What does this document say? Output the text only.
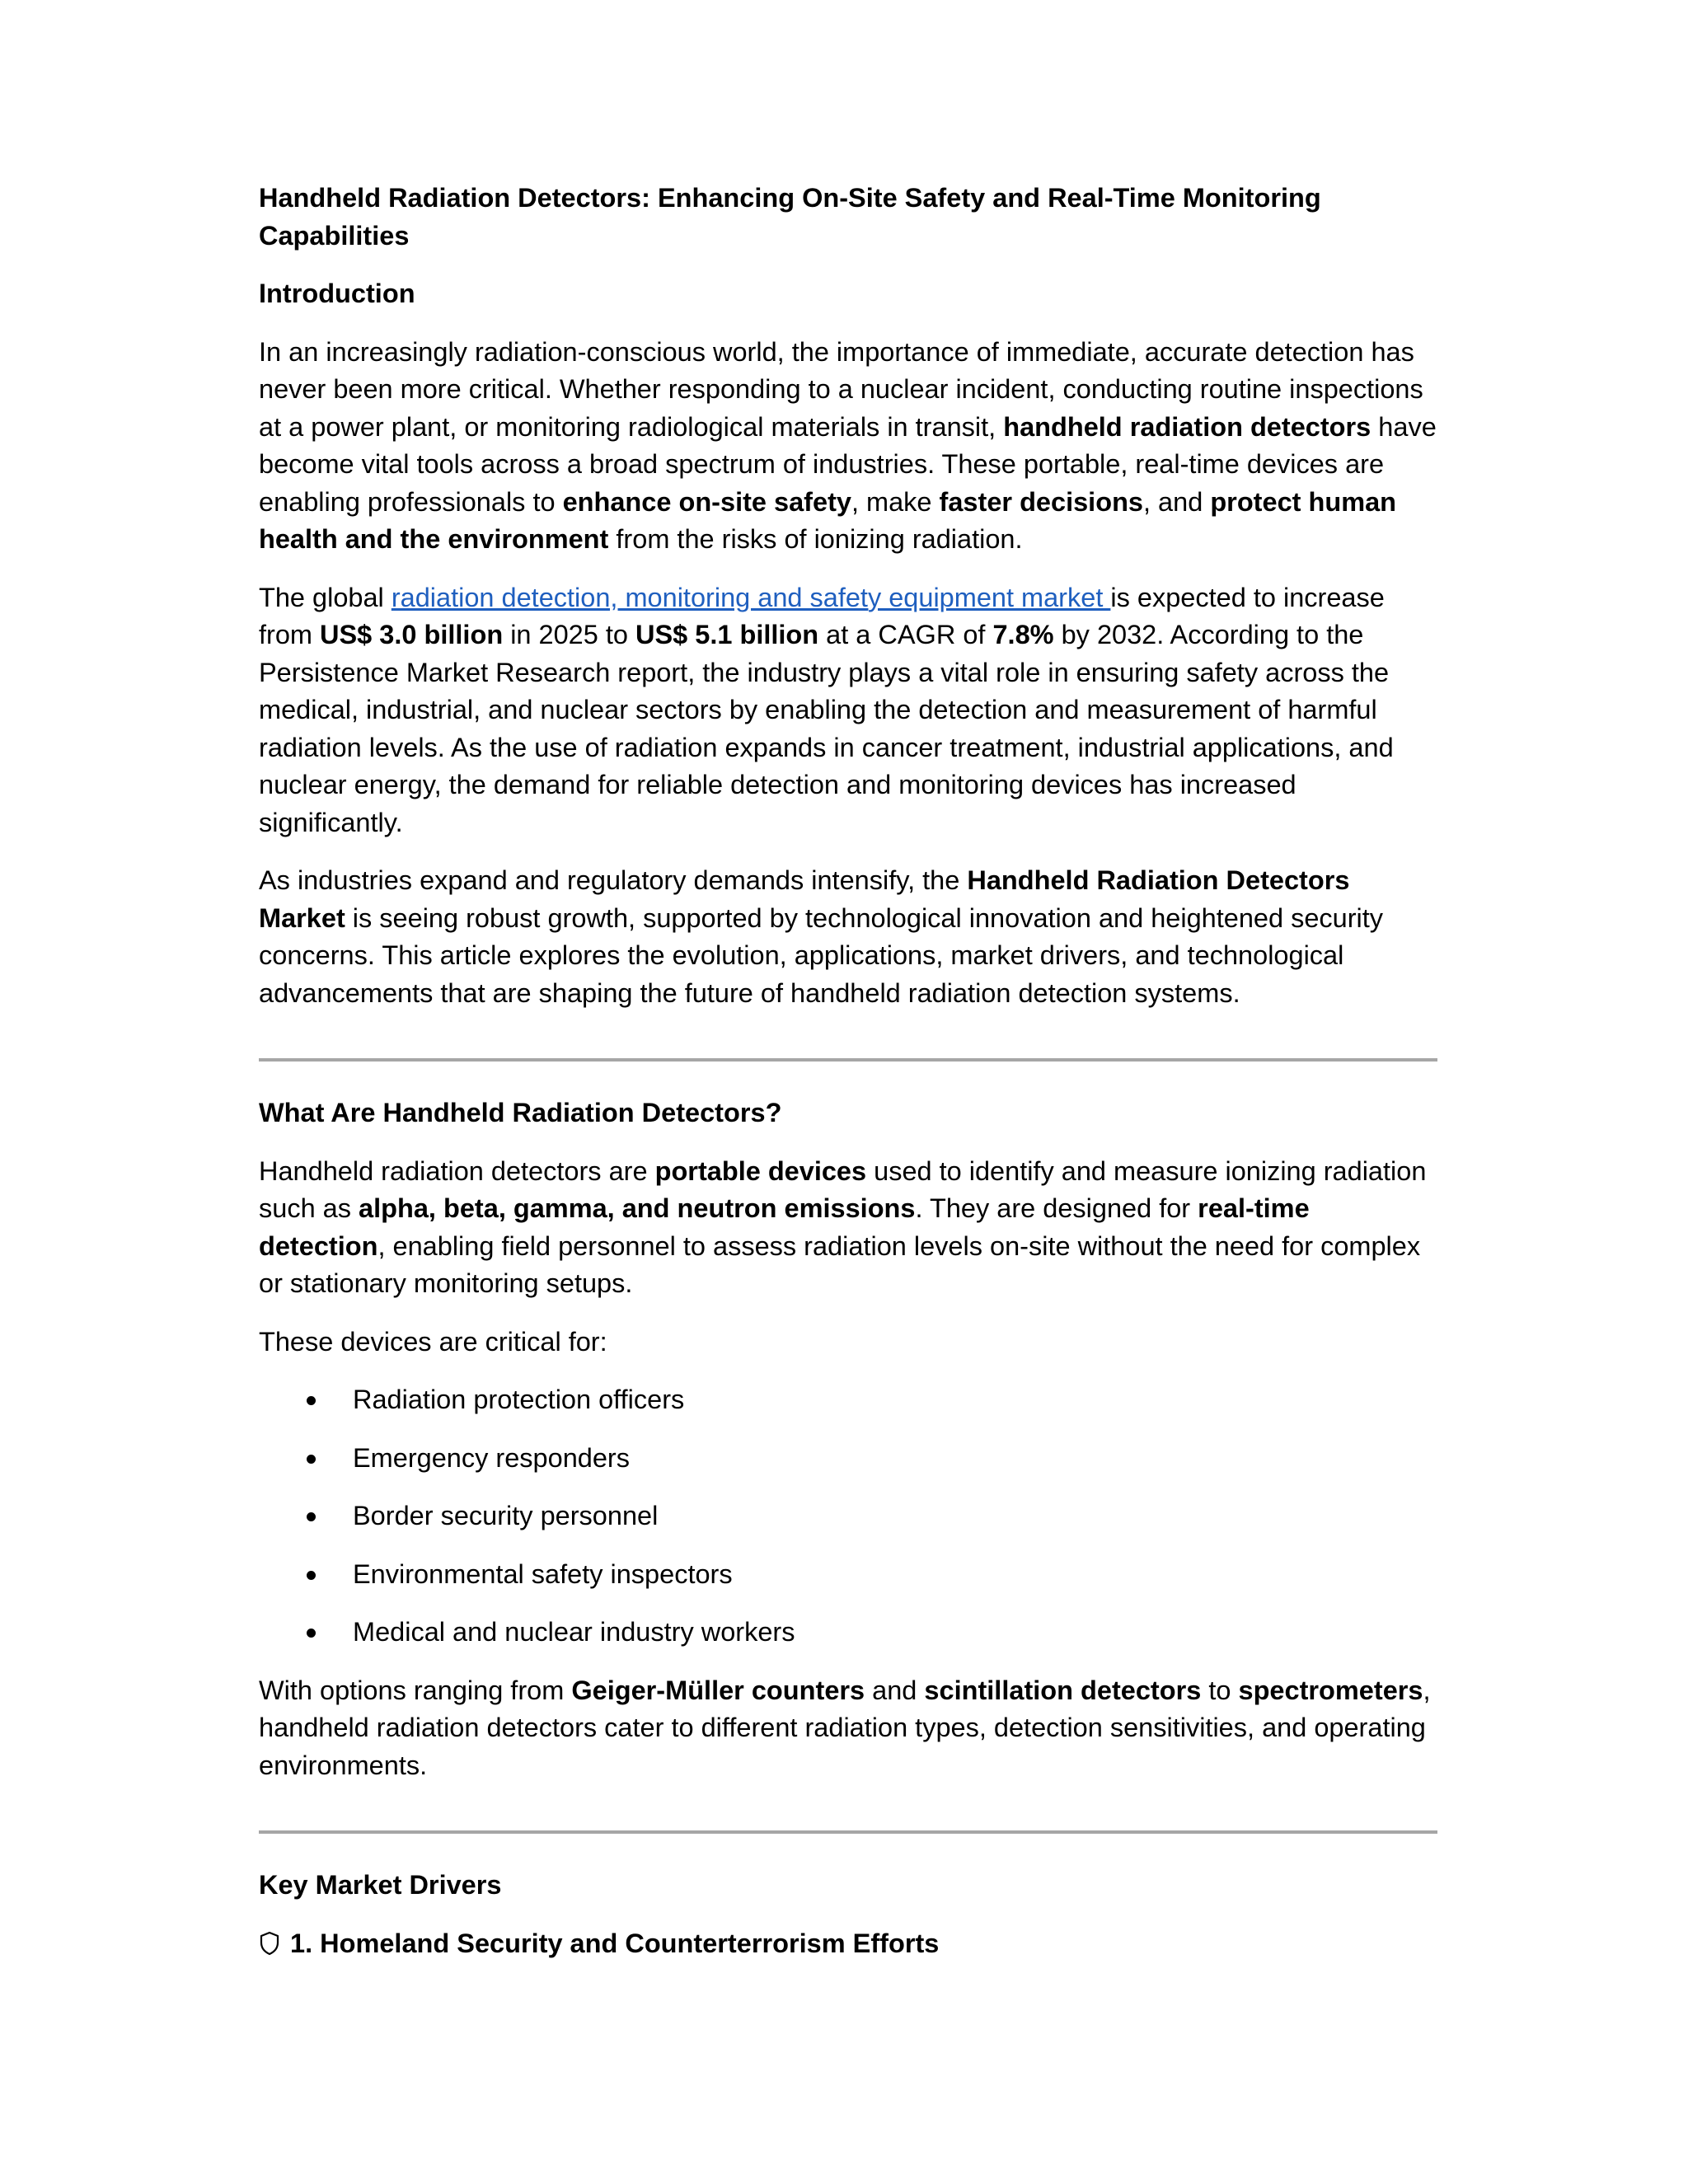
Handheld Radiation Detectors: Enhancing On-Site Safety and Real-Time Monitoring Capabilities

Introduction

In an increasingly radiation-conscious world, the importance of immediate, accurate detection has never been more critical. Whether responding to a nuclear incident, conducting routine inspections at a power plant, or monitoring radiological materials in transit, handheld radiation detectors have become vital tools across a broad spectrum of industries. These portable, real-time devices are enabling professionals to enhance on-site safety, make faster decisions, and protect human health and the environment from the risks of ionizing radiation.

The global radiation detection, monitoring and safety equipment market is expected to increase from US$ 3.0 billion in 2025 to US$ 5.1 billion at a CAGR of 7.8% by 2032. According to the Persistence Market Research report, the industry plays a vital role in ensuring safety across the medical, industrial, and nuclear sectors by enabling the detection and measurement of harmful radiation levels. As the use of radiation expands in cancer treatment, industrial applications, and nuclear energy, the demand for reliable detection and monitoring devices has increased significantly.

As industries expand and regulatory demands intensify, the Handheld Radiation Detectors Market is seeing robust growth, supported by technological innovation and heightened security concerns. This article explores the evolution, applications, market drivers, and technological advancements that are shaping the future of handheld radiation detection systems.

What Are Handheld Radiation Detectors?

Handheld radiation detectors are portable devices used to identify and measure ionizing radiation such as alpha, beta, gamma, and neutron emissions. They are designed for real-time detection, enabling field personnel to assess radiation levels on-site without the need for complex or stationary monitoring setups.

These devices are critical for:

Radiation protection officers
Emergency responders
Border security personnel
Environmental safety inspectors
Medical and nuclear industry workers

With options ranging from Geiger-Müller counters and scintillation detectors to spectrometers, handheld radiation detectors cater to different radiation types, detection sensitivities, and operating environments.

Key Market Drivers

1. Homeland Security and Counterterrorism Efforts
